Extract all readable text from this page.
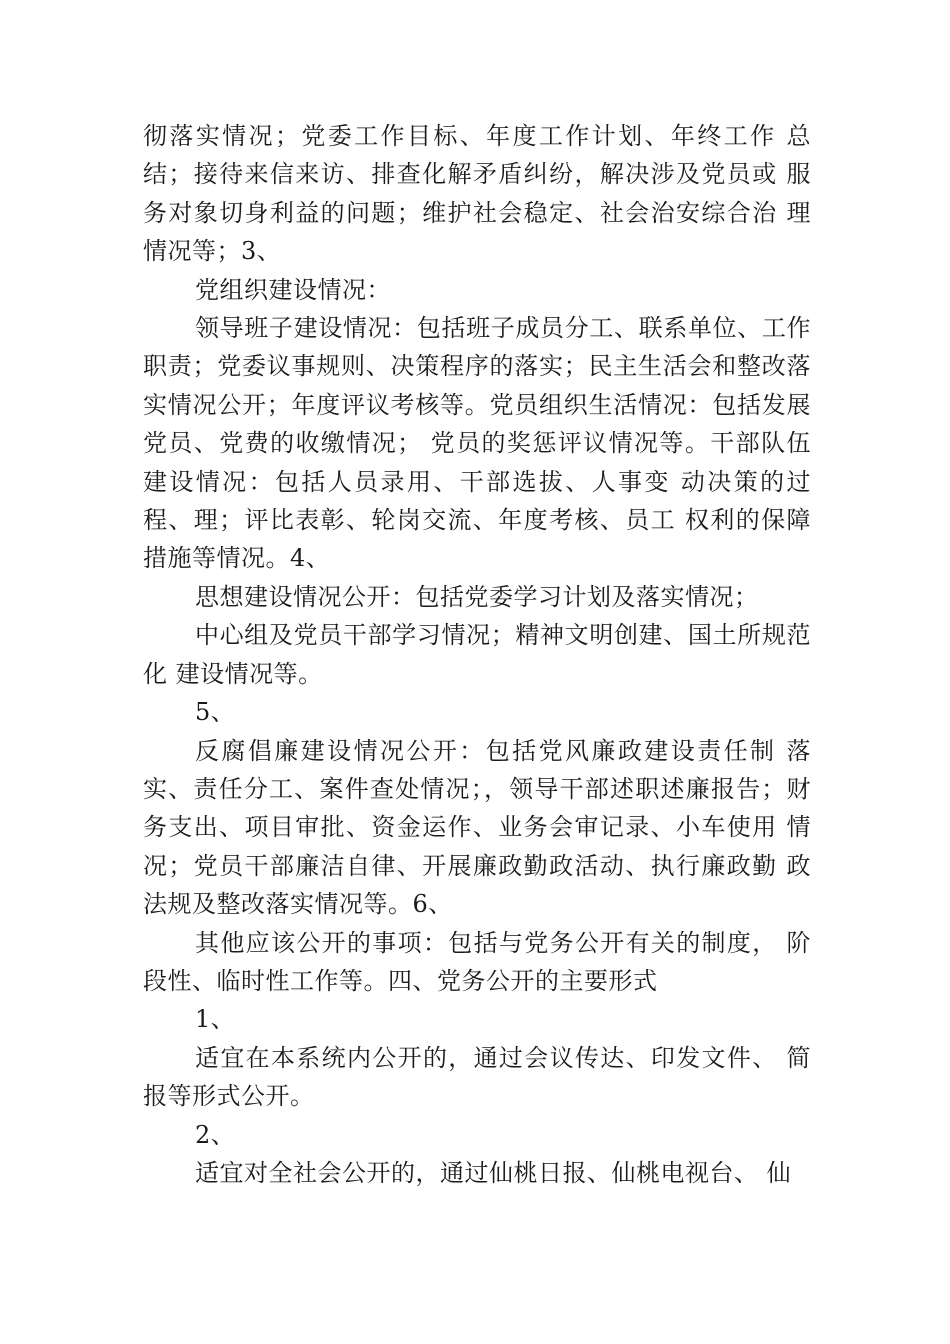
彻落实情况；党委工作目标、年度工作计划、年终工作 总结；接待来信来访、排查化解矛盾纠纷，解决涉及党员或 服务对象切身利益的问题；维护社会稳定、社会治安综合治 理情况等；3、

党组织建设情况：

领导班子建设情况：包括班子成员分工、联系单位、工作职责；党委议事规则、决策程序的落实；民主生活会和整改落实情况公开；年度评议考核等。党员组织生活情况：包括发展党员、党费的收缴情况； 党员的奖惩评议情况等。干部队伍建设情况：包括人员录用、干部选拔、人事变 动决策的过程、理；评比表彰、轮岗交流、年度考核、员工 权利的保障措施等情况。4、

思想建设情况公开：包括党委学习计划及落实情况；

中心组及党员干部学习情况；精神文明创建、国土所规范化 建设情况等。

5、

反腐倡廉建设情况公开：包括党风廉政建设责任制 落实、责任分工、案件查处情况；，领导干部述职述廉报告；财务支出、项目审批、资金运作、业务会审记录、小车使用 情况；党员干部廉洁自律、开展廉政勤政活动、执行廉政勤 政法规及整改落实情况等。6、

其他应该公开的事项：包括与党务公开有关的制度， 阶段性、临时性工作等。四、党务公开的主要形式

1、

适宜在本系统内公开的，通过会议传达、印发文件、 简报等形式公开。

2、

适宜对全社会公开的，通过仙桃日报、仙桃电视台、 仙
